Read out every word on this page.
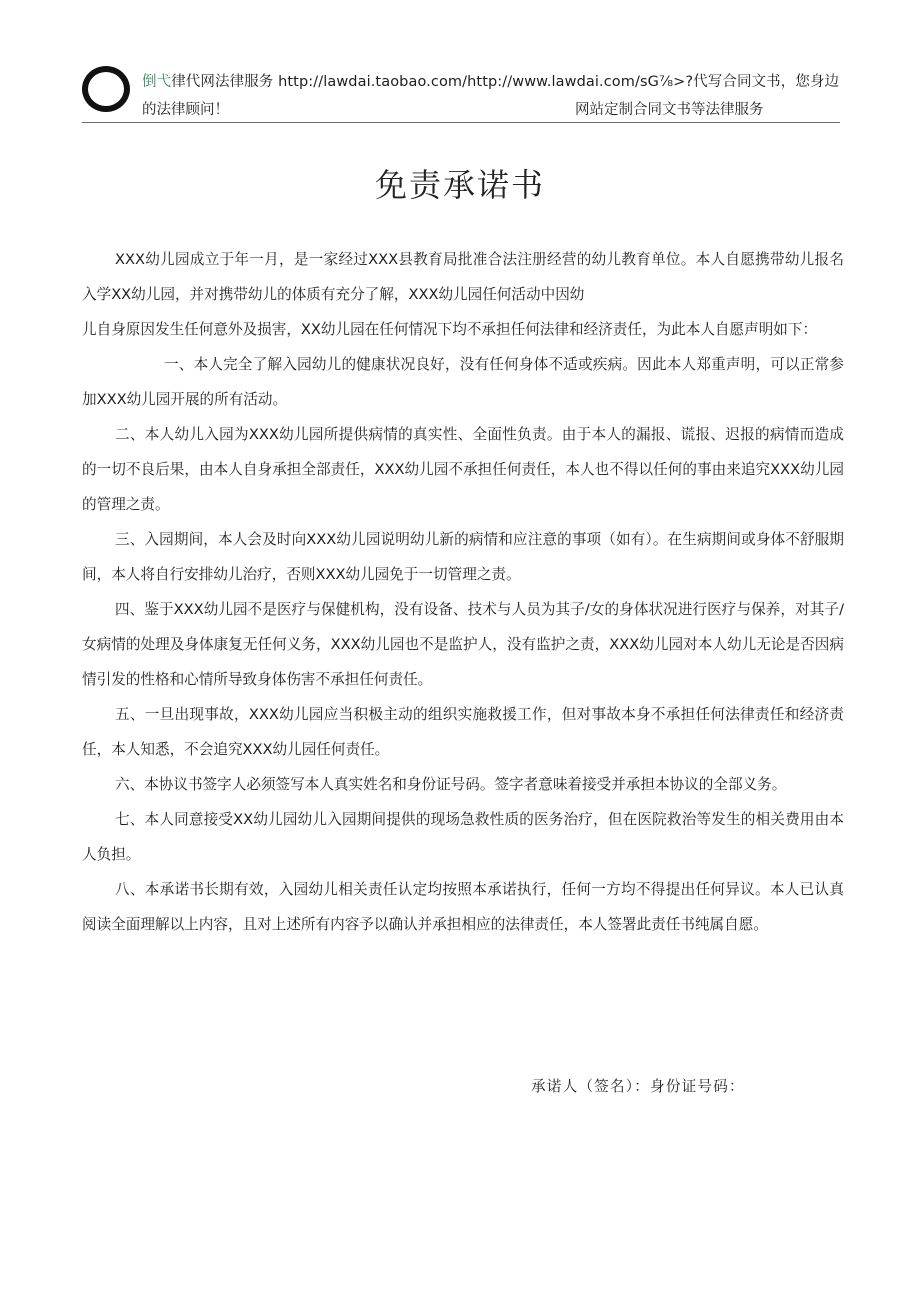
倒弋律代网法律服务 http://lawdai.taobao.com/http://www.lawdai.com/sG⅞>?代写合同文书，您身边
的法律顾问！	网站定制合同文书等法律服务
免责承诺书

XXX幼儿园成立于年一月，是一家经过XXX县教育局批准合法注册经营的幼儿教育单位。本人自愿携带幼儿报名入学XX幼儿园，并对携带幼儿的体质有充分了解，XXX幼儿园任何活动中因幼

儿自身原因发生任何意外及损害，XX幼儿园在任何情况下均不承担任何法律和经济责任，为此本人自愿声明如下：

一、本人完全了解入园幼儿的健康状况良好，没有任何身体不适或疾病。因此本人郑重声明，可以正常参加XXX幼儿园开展的所有活动。

二、本人幼儿入园为XXX幼儿园所提供病情的真实性、全面性负责。由于本人的漏报、谎报、迟报的病情而造成的一切不良后果，由本人自身承担全部责任，XXX幼儿园不承担任何责任，本人也不得以任何的事由来追究XXX幼儿园的管理之责。

三、入园期间，本人会及时向XXX幼儿园说明幼儿新的病情和应注意的事项（如有）。在生病期间或身体不舒服期间，本人将自行安排幼儿治疗，否则XXX幼儿园免于一切管理之责。

四、鉴于XXX幼儿园不是医疗与保健机构，没有设备、技术与人员为其子/女的身体状况进行医疗与保养，对其子/女病情的处理及身体康复无任何义务，XXX幼儿园也不是监护人，没有监护之责，XXX幼儿园对本人幼儿无论是否因病情引发的性格和心情所导致身体伤害不承担任何责任。

五、一旦出现事故，XXX幼儿园应当积极主动的组织实施救援工作，但对事故本身不承担任何法律责任和经济责任，本人知悉，不会追究XXX幼儿园任何责任。

六、本协议书签字人必须签写本人真实姓名和身份证号码。签字者意味着接受并承担本协议的全部义务。

七、本人同意接受XX幼儿园幼儿入园期间提供的现场急救性质的医务治疗，但在医院救治等发生的相关费用由本人负担。

八、本承诺书长期有效，入园幼儿相关责任认定均按照本承诺执行，任何一方均不得提出任何异议。本人已认真阅读全面理解以上内容，且对上述所有内容予以确认并承担相应的法律责任，本人签署此责任书纯属自愿。

承诺人（签名）：身份证号码：
